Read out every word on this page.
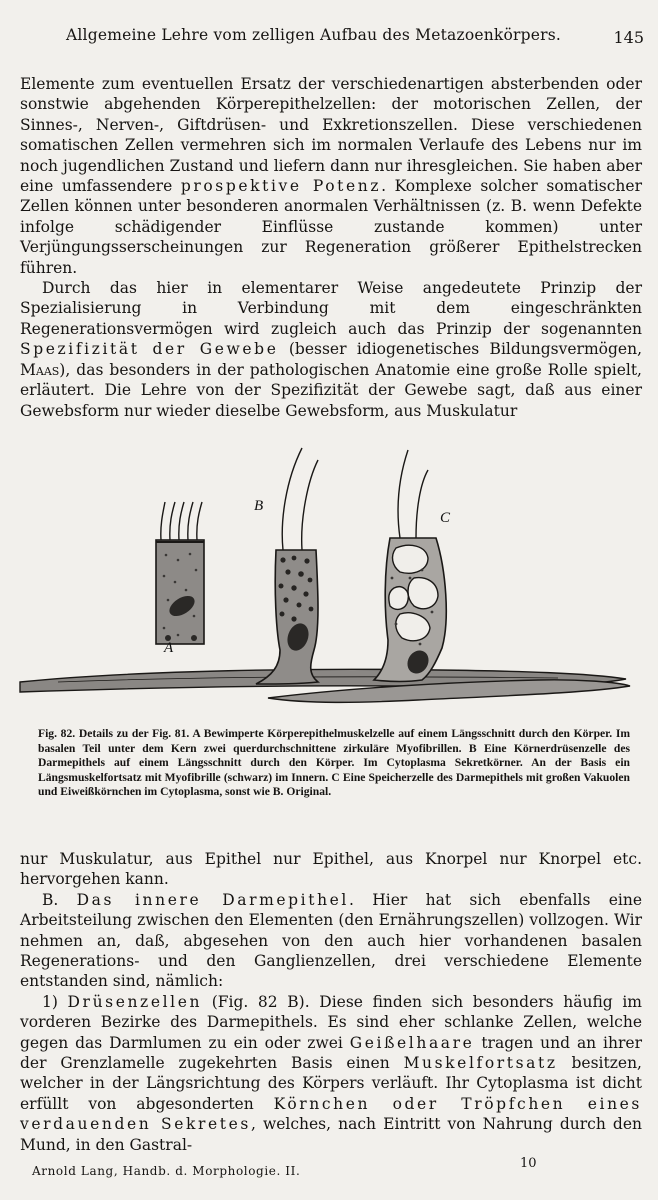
Allgemeine Lehre vom zelligen Aufbau des Metazoenkörpers.	145

Elemente zum eventuellen Ersatz der verschiedenartigen absterbenden oder sonstwie abgehenden Körperepithelzellen: der motorischen Zellen, der Sinnes-, Nerven-, Giftdrüsen- und Exkretionszellen. Diese verschiedenen somatischen Zellen vermehren sich im normalen Verlaufe des Lebens nur im noch jugendlichen Zustand und liefern dann nur ihresgleichen. Sie haben aber eine umfassendere prospektive Potenz. Komplexe solcher somatischer Zellen können unter besonderen anormalen Verhältnissen (z. B. wenn Defekte infolge schädigender Einflüsse zustande kommen) unter Verjüngungsserscheinungen zur Regeneration größerer Epithelstrecken führen.

Durch das hier in elementarer Weise angedeutete Prinzip der Spezialisierung in Verbindung mit dem eingeschränkten Regenerationsvermögen wird zugleich auch das Prinzip der sogenannten Spezifizität der Gewebe (besser idiogenetisches Bildungsvermögen, Maas), das besonders in der pathologischen Anatomie eine große Rolle spielt, erläutert. Die Lehre von der Spezifizität der Gewebe sagt, daß aus einer Gewebsform nur wieder dieselbe Gewebsform, aus Muskulatur

A
B
C

Fig. 82. Details zu der Fig. 81. A Bewimperte Körperepithelmuskelzelle auf einem Längsschnitt durch den Körper. Im basalen Teil unter dem Kern zwei querdurchschnittene zirkuläre Myofibrillen. B Eine Körnerdrüsenzelle des Darmepithels auf einem Längsschnitt durch den Körper. Im Cytoplasma Sekretkörner. An der Basis ein Längsmuskelfortsatz mit Myofibrille (schwarz) im Innern. C Eine Speicherzelle des Darmepithels mit großen Vakuolen und Eiweißkörnchen im Cytoplasma, sonst wie B. Original.

nur Muskulatur, aus Epithel nur Epithel, aus Knorpel nur Knorpel etc. hervorgehen kann.

B. Das innere Darmepithel. Hier hat sich ebenfalls eine Arbeitsteilung zwischen den Elementen (den Ernährungszellen) vollzogen. Wir nehmen an, daß, abgesehen von den auch hier vorhandenen basalen Regenerations- und den Ganglienzellen, drei verschiedene Elemente entstanden sind, nämlich:

1) Drüsenzellen (Fig. 82 B). Diese finden sich besonders häufig im vorderen Bezirke des Darmepithels. Es sind eher schlanke Zellen, welche gegen das Darmlumen zu ein oder zwei Geißelhaare tragen und an ihrer der Grenzlamelle zugekehrten Basis einen Muskelfortsatz besitzen, welcher in der Längsrichtung des Körpers verläuft. Ihr Cytoplasma ist dicht erfüllt von abgesonderten Körnchen oder Tröpfchen eines verdauenden Sekretes, welches, nach Eintritt von Nahrung durch den Mund, in den Gastral-

Arnold Lang, Handb. d. Morphologie. II.	10
